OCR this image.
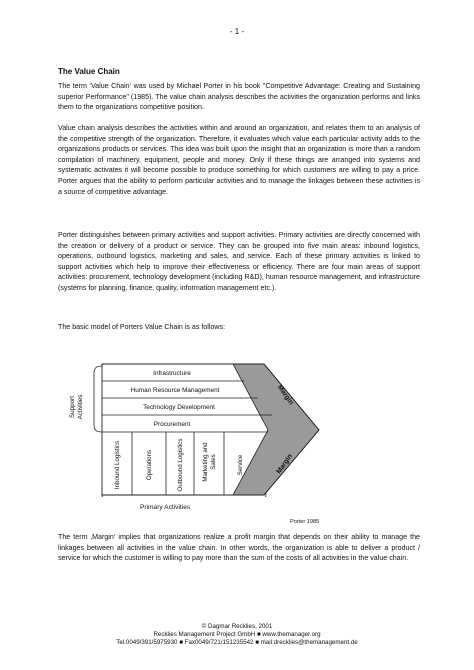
- 1 -
The Value Chain

The term ‘Value Chain‘ was used by Michael Porter in his book "Competitive Advantage: Creating and Sustaining superior Performance" (1985). The value chain analysis describes the activities the organization performs and links them to the organizations competitive position.

Value chain analysis describes the activities within and around an organization, and relates them to an analysis of the competitive strength of the organization. Therefore, it evaluates which value each particular activity adds to the organizations products or services. This idea was built upon the insight that an organization is more than a random compilation of machinery, equipment, people and money. Only if these things are arranged into systems and systematic activates it will become possible to produce something for which customers are willing to pay a price. Porter argues that the ability to perform particular activities and to manage the linkages between these activities is a source of competitive advantage.

Porter distinguishes between primary activities and support activities. Primary activities are directly concerned with the creation or delivery of a product or service. They can be grouped into five main areas: inbound logistics, operations, outbound logistics, marketing and sales, and service. Each of these primary activities is linked to support activities which help to improve their effectiveness or efficiency. There are four main areas of support activities: procurement, technology development (including R&D), human resource management, and infrastructure (systems for planning, finance, quality, information management etc.).

The basic model of Porters Value Chain is as follows:

Support Activities
Infrastructure
Human Resource Management
Technology Development
Procurement
Inbound Logistics	Operations	Outbound Logistics	Marketing and Sales	Service
Margin
Margin
Primary Activities
Porter 1985

The term ‚Margin‘ implies that organizations realize a profit margin that depends on their ability to manage the linkages between all activities in the value chain. In other words, the organization is able to deliver a product / service for which the customer is willing to pay more than the sum of the costs of all activities in the value chain.

© Dagmar Recklies, 2001
Recklies Management Project GmbH ■ www.themanager.org
Tel.0049/391/5975930 ■ Fax0049/721/151235542 ■ mail:drecklies@themanagement.de
